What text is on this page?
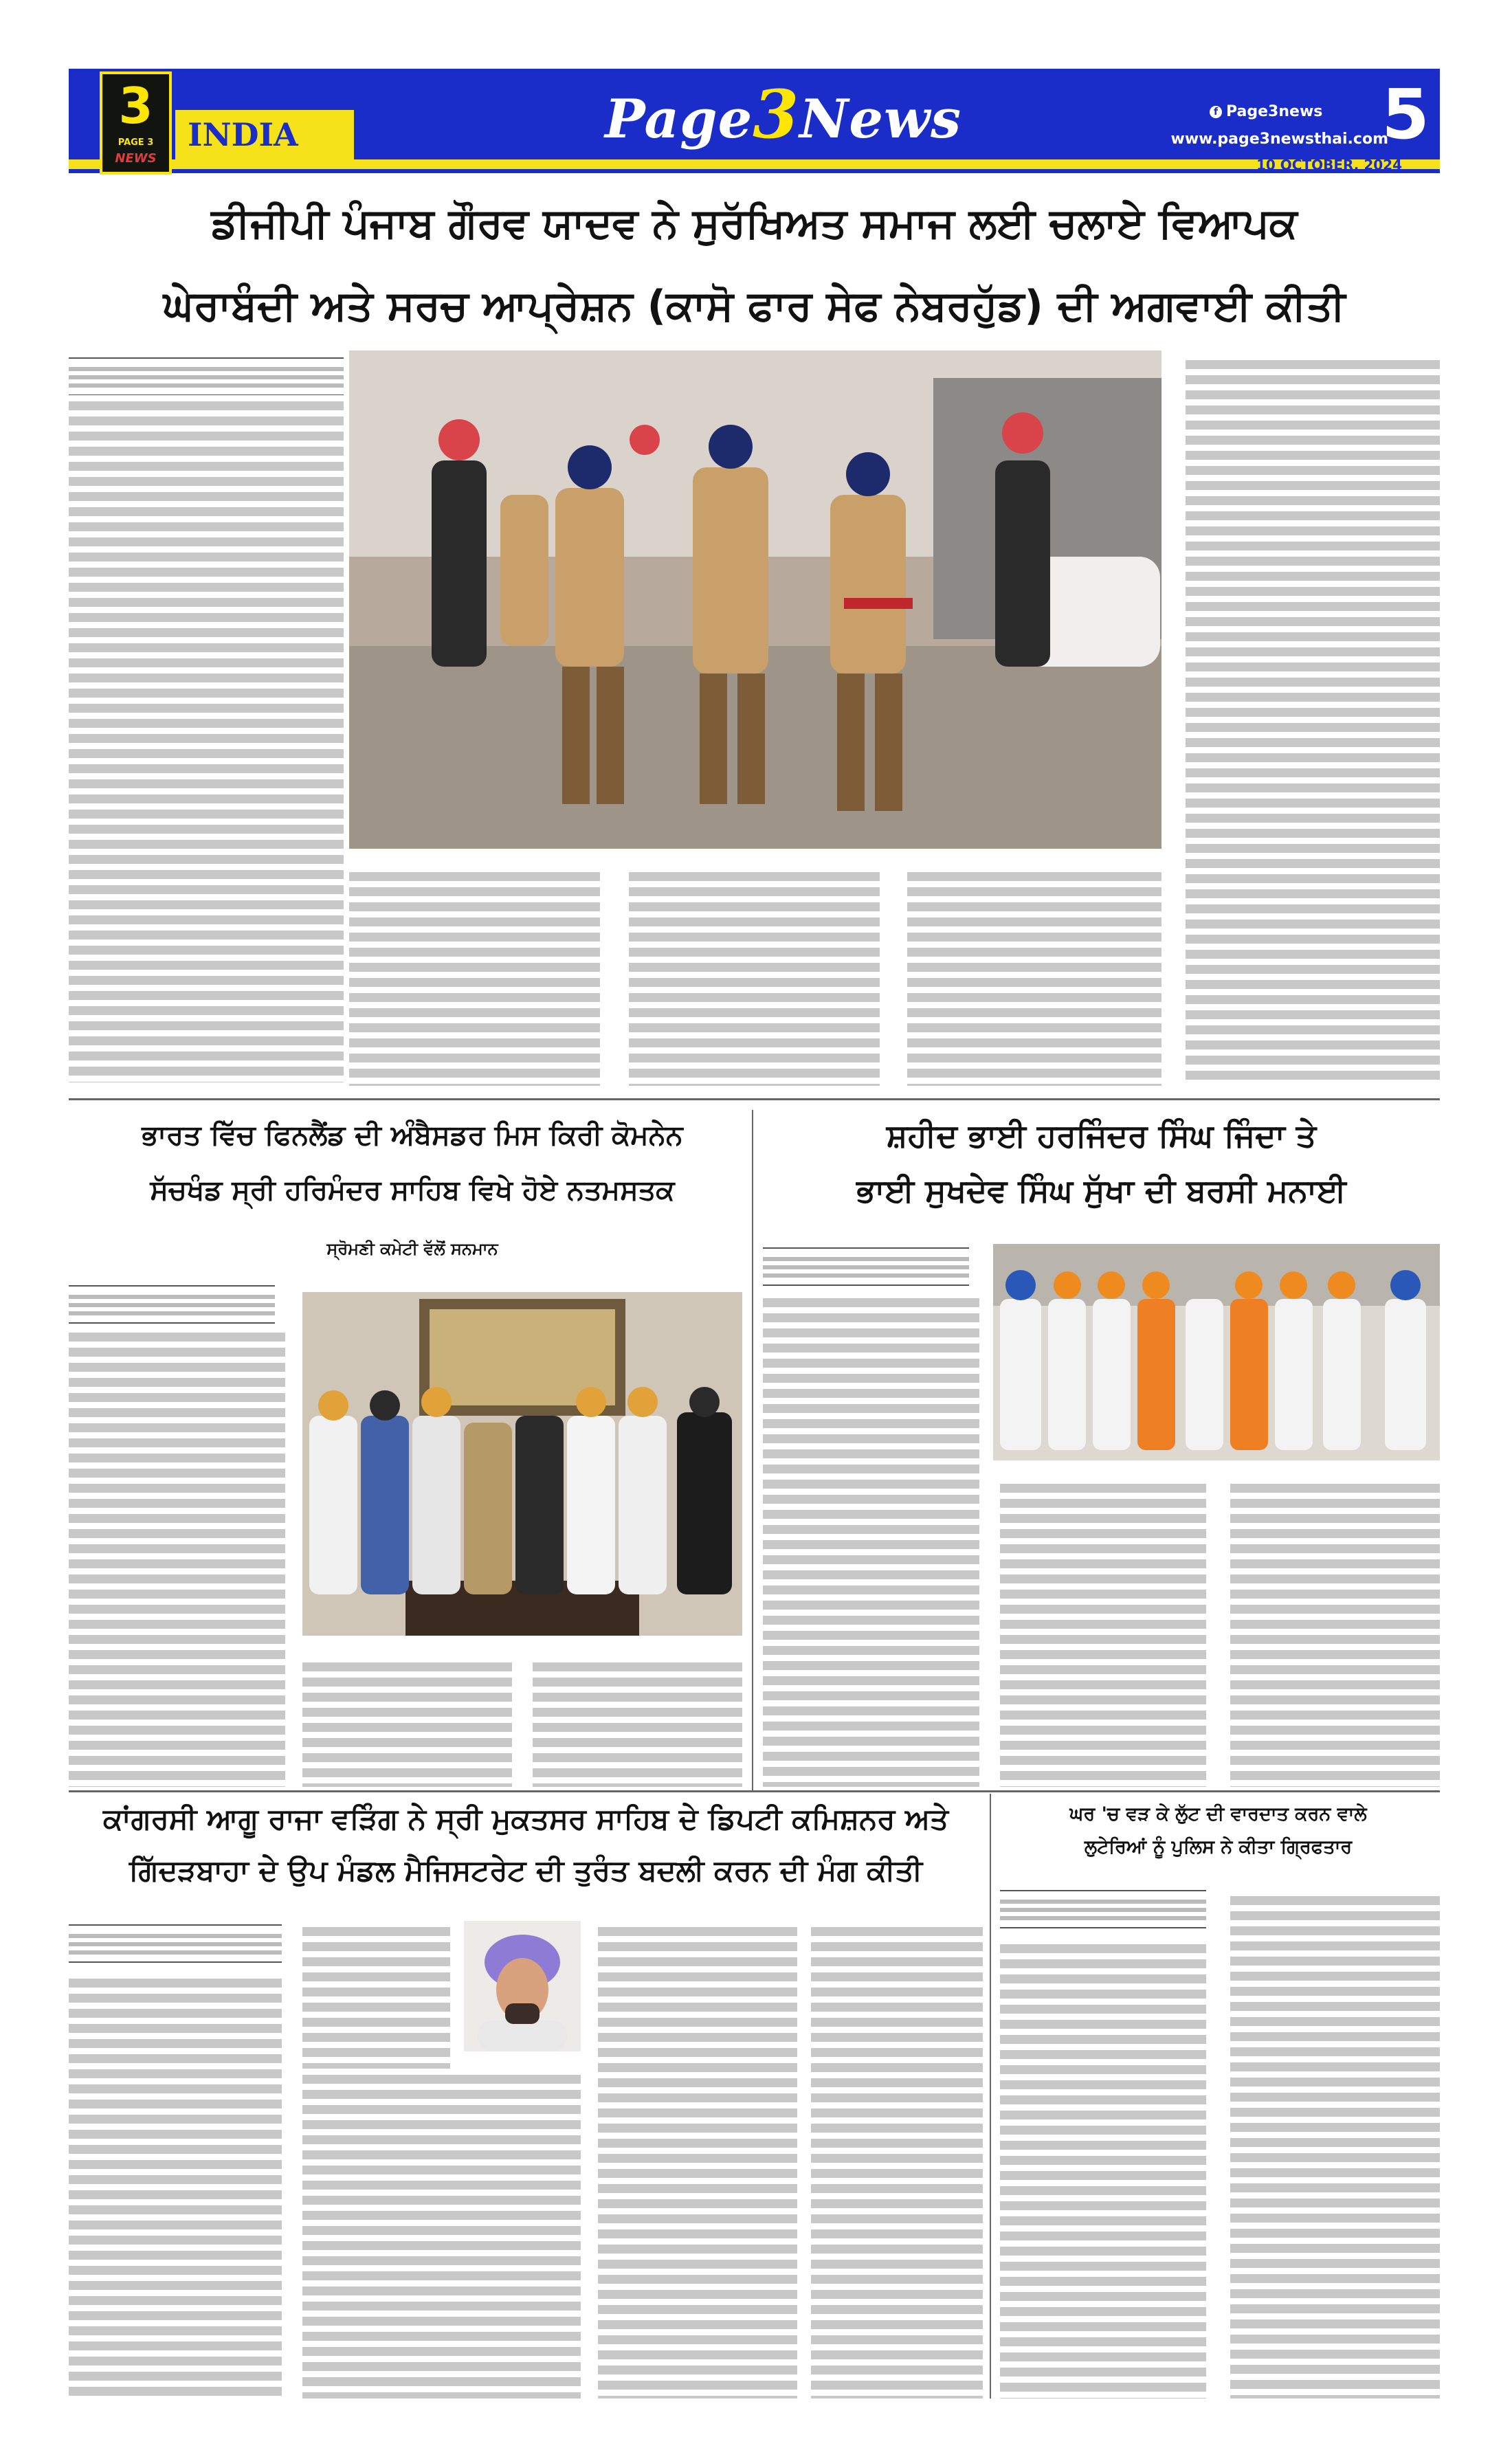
3
PAGE 3
NEWS
INDIA	Page3News	f Page3news
www.page3newsthai.com
10 OCTOBER, 2024
5
ਡੀਜੀਪੀ ਪੰਜਾਬ ਗੌਰਵ ਯਾਦਵ ਨੇ ਸੁਰੱਖਿਅਤ ਸਮਾਜ ਲਈ ਚਲਾਏ ਵਿਆਪਕ
ਘੇਰਾਬੰਦੀ ਅਤੇ ਸਰਚ ਆਪ੍ਰੇਸ਼ਨ (ਕਾਸੋ ਫਾਰ ਸੇਫ ਨੇਬਰਹੁੱਡ) ਦੀ ਅਗਵਾਈ ਕੀਤੀ
ਭਾਰਤ ਵਿੱਚ ਫਿਨਲੈਂਡ ਦੀ ਅੰਬੈਸਡਰ ਮਿਸ ਕਿਰੀ ਕੋਮਨੇਨ
ਸੱਚਖੰਡ ਸ੍ਰੀ ਹਰਿਮੰਦਰ ਸਾਹਿਬ ਵਿਖੇ ਹੋਏ ਨਤਮਸਤਕ
ਸ੍ਰੋਮਣੀ ਕਮੇਟੀ ਵੱਲੋਂ ਸਨਮਾਨ
ਸ਼ਹੀਦ ਭਾਈ ਹਰਜਿੰਦਰ ਸਿੰਘ ਜਿੰਦਾ ਤੇ
ਭਾਈ ਸੁਖਦੇਵ ਸਿੰਘ ਸੁੱਖਾ ਦੀ ਬਰਸੀ ਮਨਾਈ
ਕਾਂਗਰਸੀ ਆਗੂ ਰਾਜਾ ਵੜਿੰਗ ਨੇ ਸ੍ਰੀ ਮੁਕਤਸਰ ਸਾਹਿਬ ਦੇ ਡਿਪਟੀ ਕਮਿਸ਼ਨਰ ਅਤੇ
ਗਿੱਦੜਬਾਹਾ ਦੇ ਉਪ ਮੰਡਲ ਮੈਜਿਸਟਰੇਟ ਦੀ ਤੁਰੰਤ ਬਦਲੀ ਕਰਨ ਦੀ ਮੰਗ ਕੀਤੀ
ਘਰ 'ਚ ਵੜ ਕੇ ਲੁੱਟ ਦੀ ਵਾਰਦਾਤ ਕਰਨ ਵਾਲੇ
ਲੁਟੇਰਿਆਂ ਨੂੰ ਪੁਲਿਸ ਨੇ ਕੀਤਾ ਗ੍ਰਿਫਤਾਰ
